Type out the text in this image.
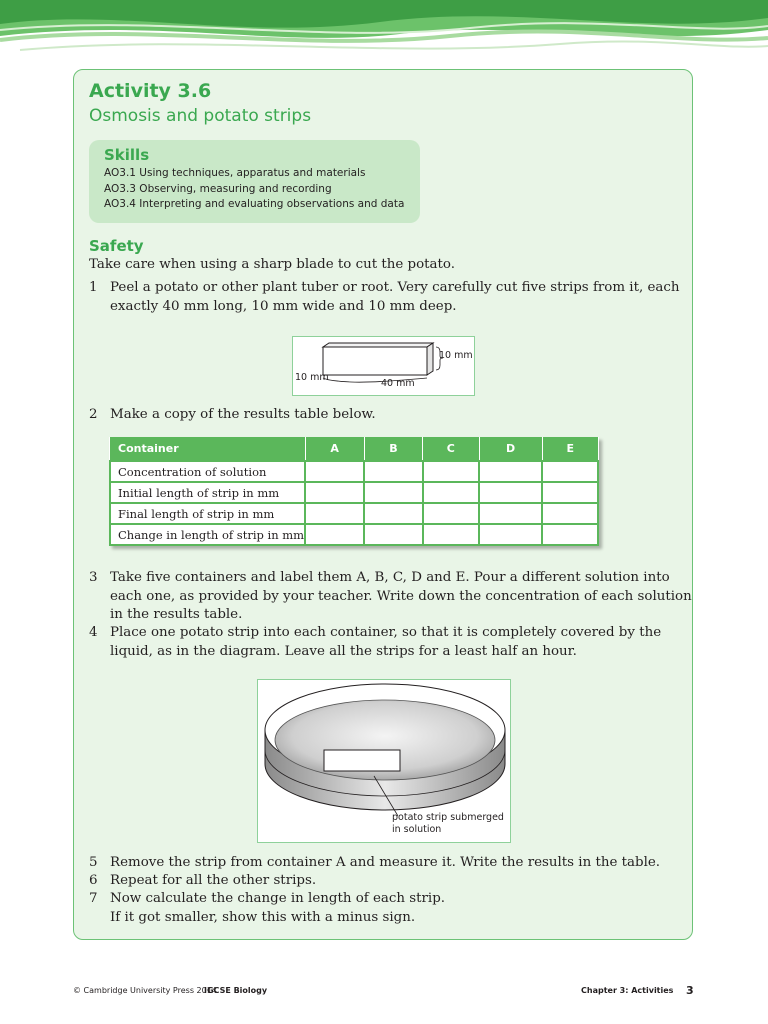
Activity 3.6
Osmosis and potato strips
Skills
AO3.1 Using techniques, apparatus and materials
AO3.3 Observing, measuring and recording
AO3.4 Interpreting and evaluating observations and data
Safety
Take care when using a sharp blade to cut the potato.
1 Peel a potato or other plant tuber or root. Very carefully cut five strips from it, each
exactly 40 mm long, 10 mm wide and 10 mm deep.
10 mm
10 mm
40 mm
2 Make a copy of the results table below.
Container	A	B	C	D	E
Concentration of solution					
Initial length of strip in mm					
Final length of strip in mm					
Change in length of strip in mm					
3 Take five containers and label them A, B, C, D and E. Pour a different solution into
each one, as provided by your teacher. Write down the concentration of each solution
in the results table.
4 Place one potato strip into each container, so that it is completely covered by the
liquid, as in the diagram. Leave all the strips for a least half an hour.
potato strip submerged
in solution
5 Remove the strip from container A and measure it. Write the results in the table.
6 Repeat for all the other strips.
7 Now calculate the change in length of each strip.
If it got smaller, show this with a minus sign.
© Cambridge University Press 2014
IGCSE Biology	Chapter 3: Activities 3
